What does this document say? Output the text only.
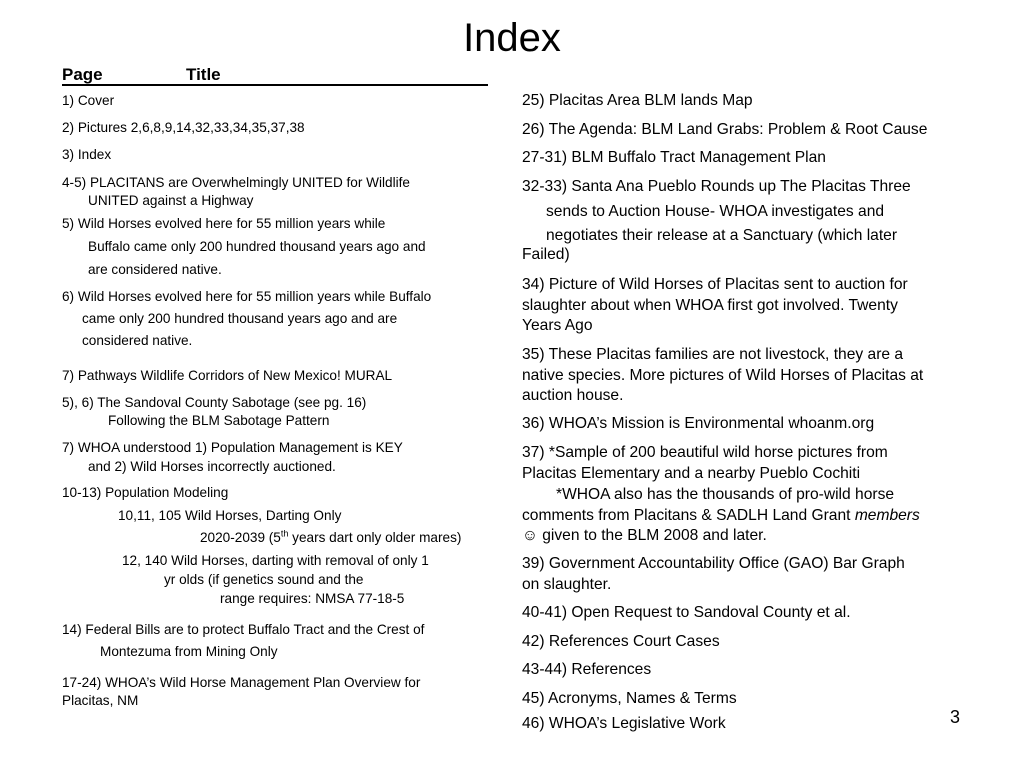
Index
Page	Title
1) Cover
2) Pictures 2,6,8,9,14,32,33,34,35,37,38
3) Index
4-5) PLACITANS are Overwhelmingly UNITED for Wildlife
UNITED against a Highway
5) Wild Horses evolved here for 55 million years while
Buffalo came only 200 hundred thousand years ago and
are considered native.
6) Wild Horses evolved here for 55 million years while Buffalo
came only 200 hundred thousand years ago and are
considered native.
7) Pathways Wildlife Corridors of New Mexico! MURAL
5), 6) The Sandoval County Sabotage (see pg. 16)
Following the BLM Sabotage Pattern
7) WHOA understood 1) Population Management is KEY
and 2) Wild Horses incorrectly auctioned.
10-13) Population Modeling
10,11, 105 Wild Horses, Darting Only
2020-2039 (5th years dart only older mares)
12, 140 Wild Horses, darting with removal of only 1
yr olds (if genetics sound and the
range requires: NMSA 77-18-5
14) Federal Bills are to protect Buffalo Tract and the Crest of
Montezuma from Mining Only
17-24) WHOA’s Wild Horse Management Plan Overview for
Placitas, NM
25) Placitas Area BLM lands Map
26) The Agenda: BLM Land Grabs: Problem & Root Cause
27-31) BLM Buffalo Tract Management Plan
32-33) Santa Ana Pueblo Rounds up The Placitas Three
sends to Auction House- WHOA investigates and
negotiates their release at a Sanctuary (which later
Failed)
34) Picture of Wild Horses of Placitas sent to auction for
slaughter about when WHOA first got involved. Twenty
Years Ago
35) These Placitas families are not livestock, they are a
native species. More pictures of Wild Horses of Placitas at
auction house.
36) WHOA’s Mission is Environmental whoanm.org
37) *Sample of 200 beautiful wild horse pictures from
Placitas Elementary and a nearby Pueblo Cochiti
*WHOA also has the thousands of pro-wild horse
comments from Placitans & SADLH Land Grant members
☺ given to the BLM 2008 and later.
39) Government Accountability Office (GAO) Bar Graph
on slaughter.
40-41) Open Request to Sandoval County et al.
42) References Court Cases
43-44) References
45) Acronyms, Names & Terms
46) WHOA’s Legislative Work	3
